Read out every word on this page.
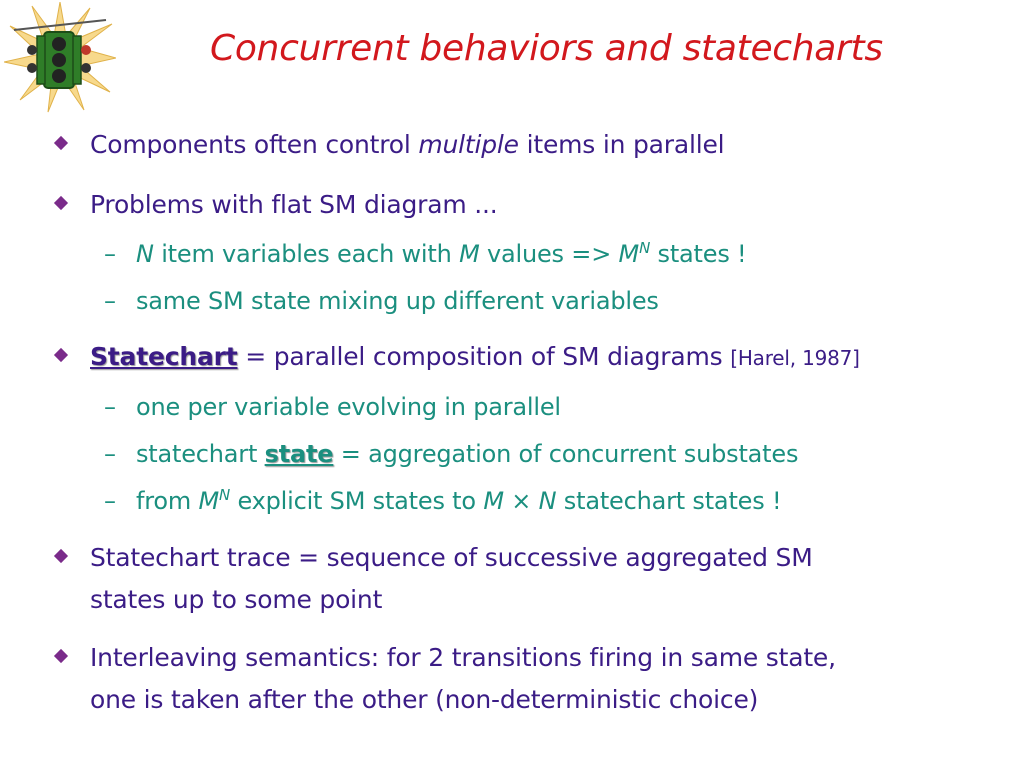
Concurrent behaviors and statecharts
Components often control multiple items in parallel
Problems with flat SM diagram ...
– N item variables each with M values => $M^N$ states !
– same SM state mixing up different variables
Statechart = parallel composition of SM diagrams [Harel, 1987]
– one per variable evolving in parallel
– statechart state = aggregation of concurrent substates
– from $M^N$ explicit SM states to M × N statechart states !
Statechart trace = sequence of successive aggregated SM
states up to some point
Interleaving semantics: for 2 transitions firing in same state,
one is taken after the other (non-deterministic choice)
